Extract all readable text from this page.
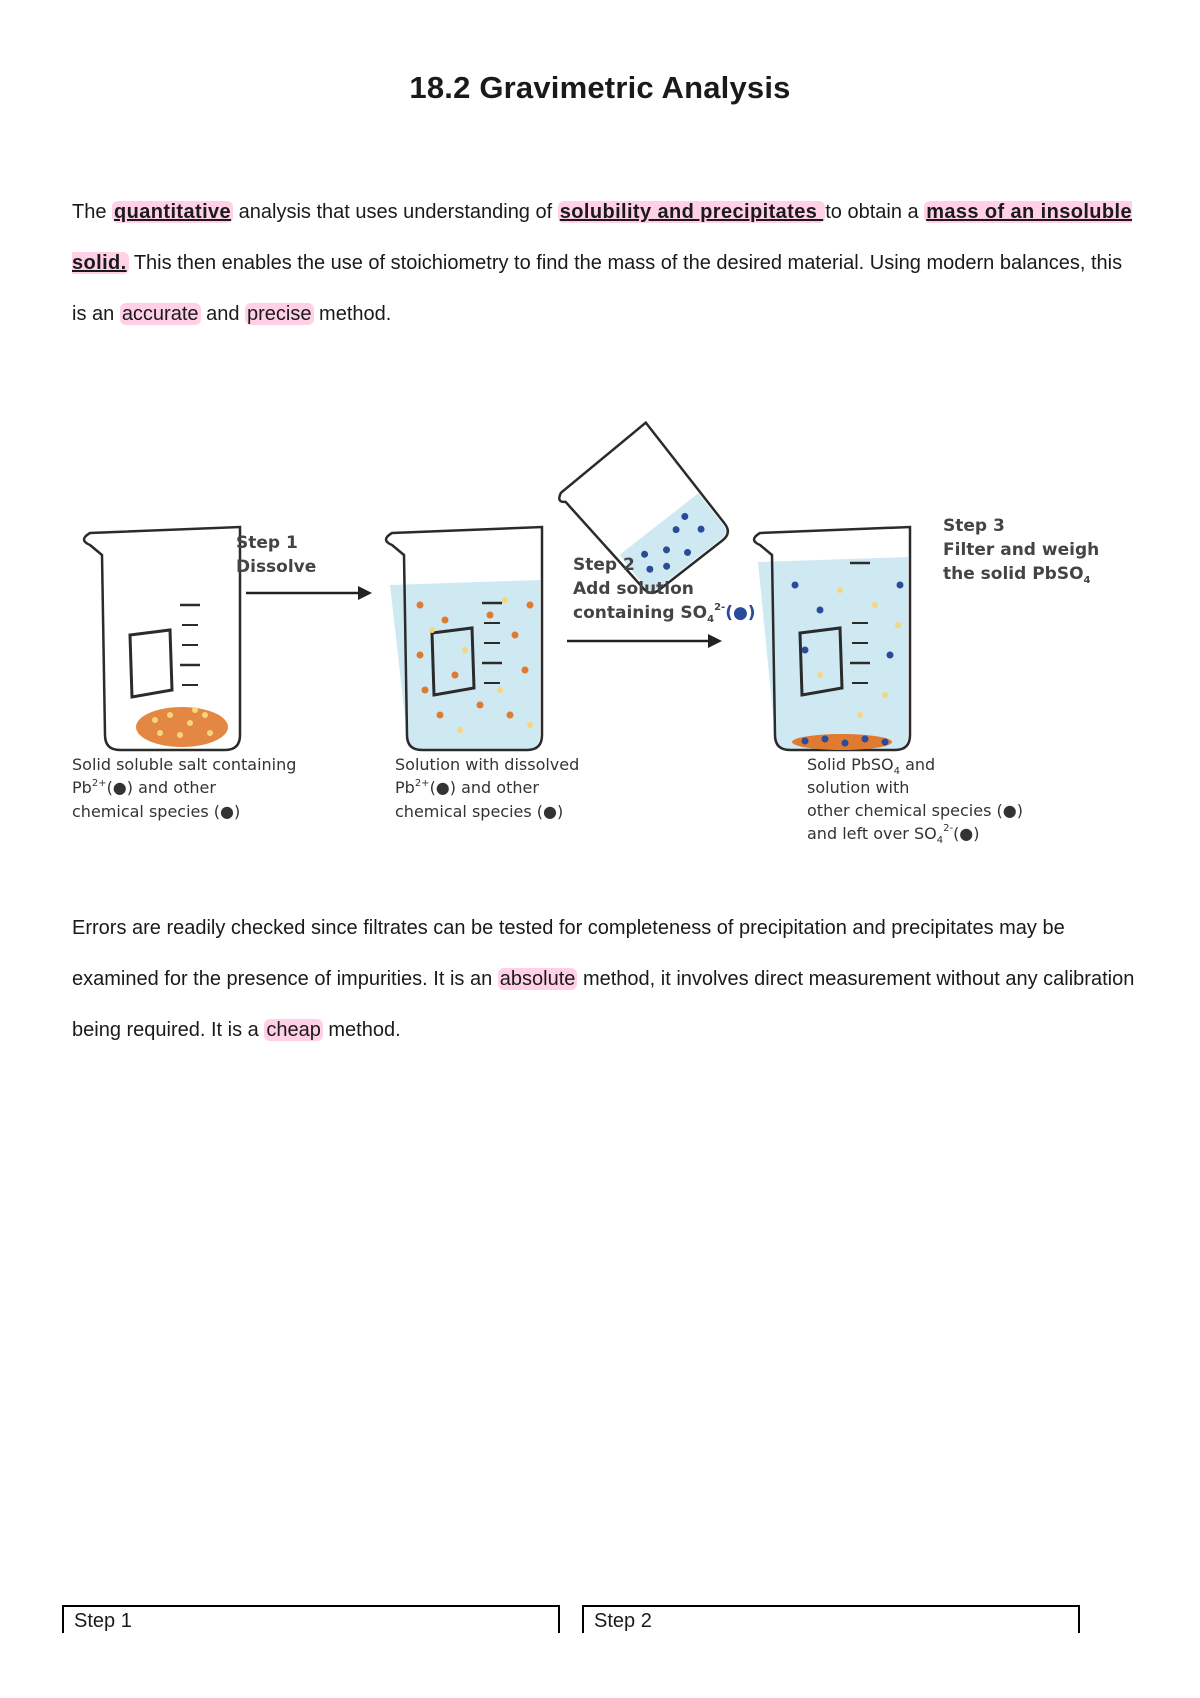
18.2 Gravimetric Analysis
The quantitative analysis that uses understanding of solubility and precipitates to obtain a mass of an insoluble solid. This then enables the use of stoichiometry to find the mass of the desired material. Using modern balances, this is an accurate and precise method.
Step 1
Dissolve	Step 2
Add solution
containing $SO_4^{2-}(●)$
Step 3
Filter and weigh
the solid PbSO$_4$
Solid soluble salt containing
$Pb^{2+}(●)$ and other
chemical species (●)
Solution with dissolved
$Pb^{2+}(●)$ and other
chemical species (●)
Solid PbSO$_4$ and
solution with
other chemical species (●)
and left over $SO_4^{2-}(●)$
Errors are readily checked since filtrates can be tested for completeness of precipitation and precipitates may be examined for the presence of impurities. It is an absolute method, it involves direct measurement without any calibration being required. It is a cheap method.
Step 1	Step 2
